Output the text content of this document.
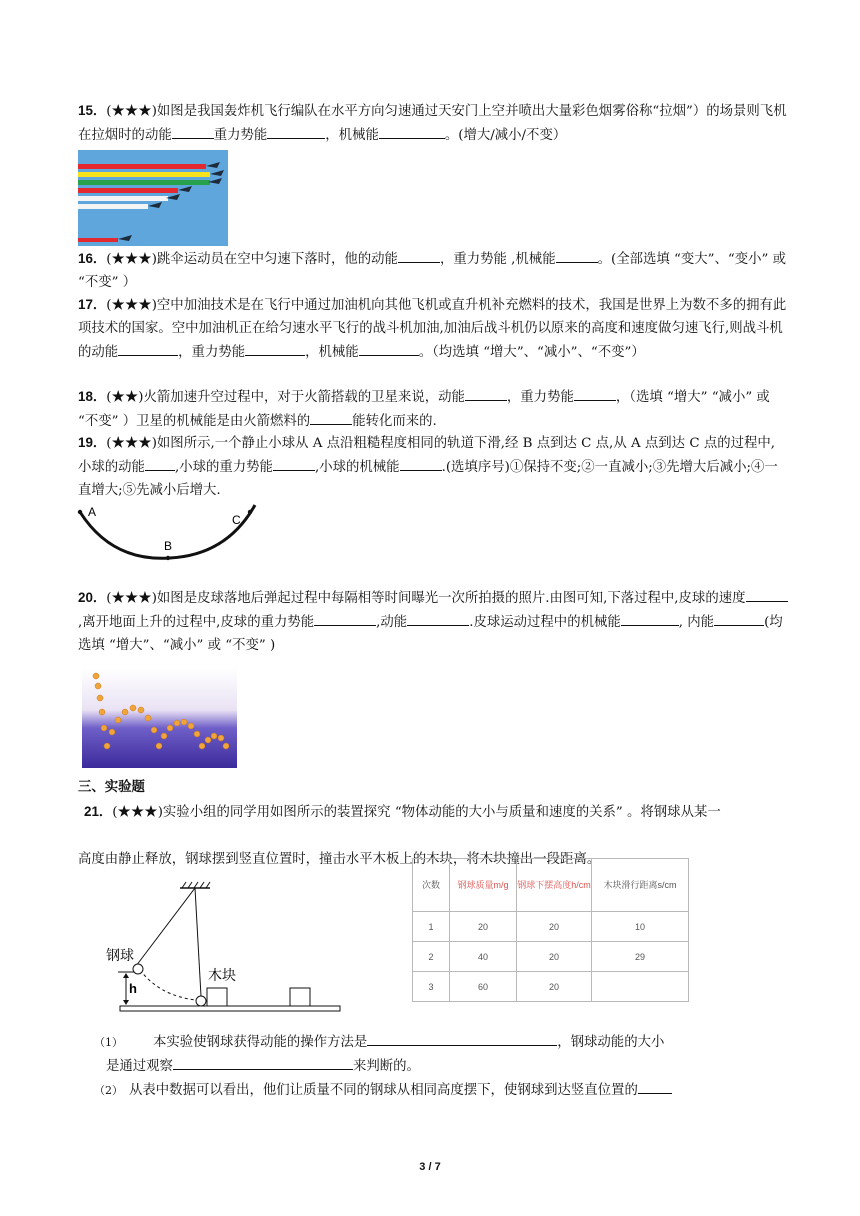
15．(★★★)如图是我国轰炸机飞行编队在水平方向匀速通过天安门上空并喷出大量彩色烟雾俗称“拉烟”）的场景则飞机在拉烟时的动能	重力势能	，机械能	。(增大/减小/不变）

16．(★★★)跳伞运动员在空中匀速下落时，他的动能	，重力势能 ,机械能	。(全部选填 “变大”、“变小” 或 “不变” ）

17．(★★★)空中加油技术是在飞行中通过加油机向其他飞机或直升机补充燃料的技术，我国是世界上为数不多的拥有此项技术的国家。空中加油机正在给匀速水平飞行的战斗机加油,加油后战斗机仍以原来的高度和速度做匀速飞行,则战斗机的动能	，重力势能	，机械能	。（均选填 “增大”、“减小”、“不变”）

18．(★★)火箭加速升空过程中，对于火箭搭载的卫星来说，动能	，重力势能	，（选填 “增大” “减小” 或 “不变” ）卫星的机械能是由火箭燃料的	能转化而来的.

19．(★★★)如图所示,一个静止小球从 A 点沿粗糙程度相同的轨道下滑,经 B 点到达 C 点,从 A 点到达 C 点的过程中,小球的动能 ,小球的重力势能	,小球的机械能	.(选填序号)①保持不变;②一直减小;③先增大后减小;④一直增大;⑤先减小后增大.

A
B
C

20．(★★★)如图是皮球落地后弹起过程中每隔相等时间曝光一次所拍摄的照片.由图可知,下落过程中,皮球的速度,离开地面上升的过程中,皮球的重力势能	,动能	.皮球运动过程中的机械能	, 内能	(均选填 “增大”、“减小” 或 “不变” )

三、实验题

21．(★★★)实验小组的同学用如图所示的装置探究 “物体动能的大小与质量和速度的关系” 。将钢球从某一

高度由静止释放，钢球摆到竖直位置时，撞击水平木板上的木块，将木块撞出一段距离。

h
钢球
木块
次数	钢球质量m/g	钢球下摆高度h/cm	木块滑行距离s/cm
1	20	20	10
2	40	20	29
3	60	20	

（1） 本实验使钢球获得动能的操作方法是	，钢球动能的大小

是通过观察	来判断的。

（2） 从表中数据可以看出，他们让质量不同的钢球从相同高度摆下，使钢球到达竖直位置的

3 / 7
